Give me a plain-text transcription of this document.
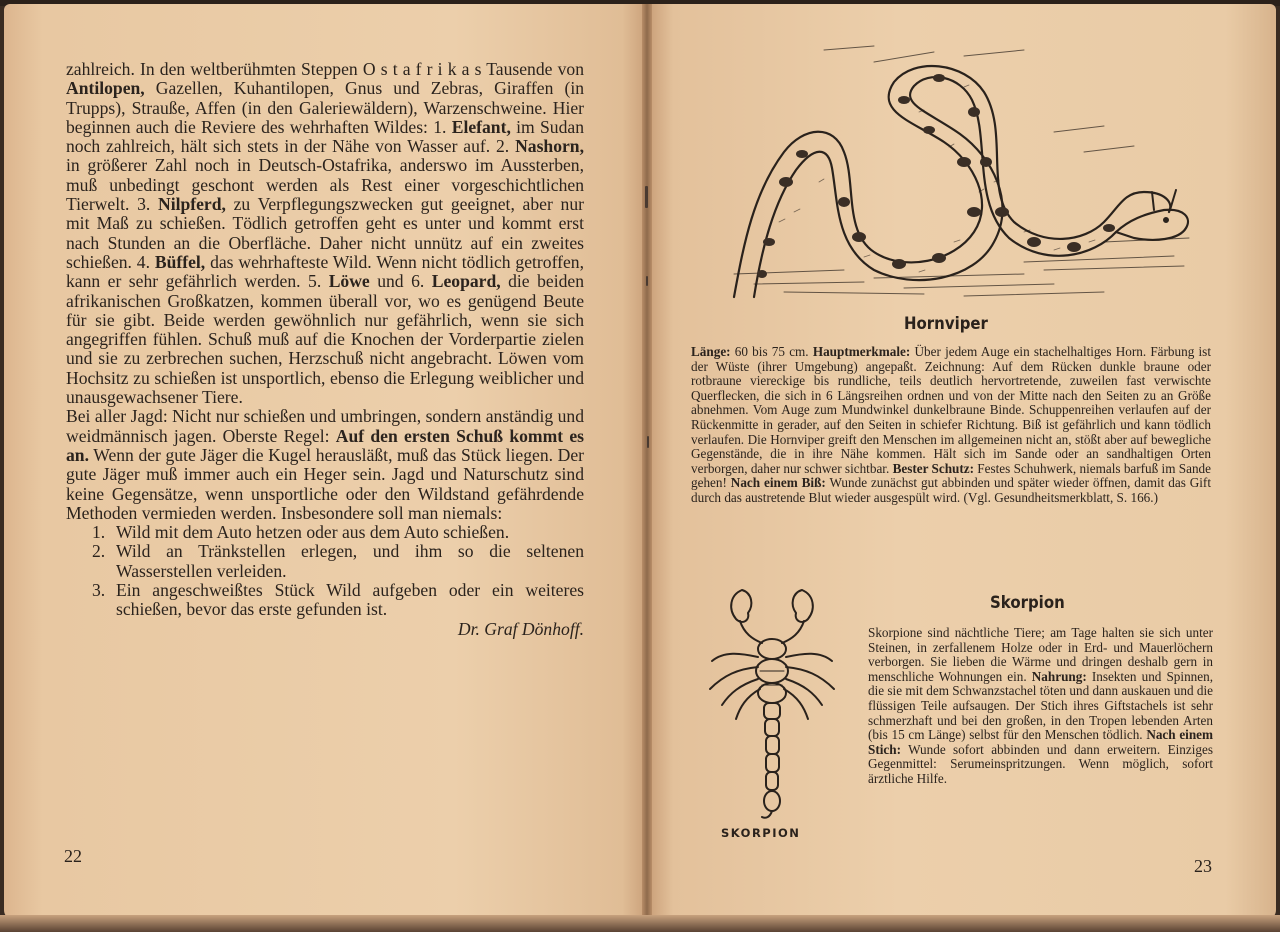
zahlreich. In den weltberühmten Steppen O s t a f r i k a s Tausende von Antilopen, Gazellen, Kuhantilopen, Gnus und Zebras, Giraffen (in Trupps), Strauße, Affen (in den Galeriewäldern), Warzenschweine. Hier beginnen auch die Reviere des wehrhaften Wildes: 1. Elefant, im Sudan noch zahlreich, hält sich stets in der Nähe von Wasser auf. 2. Nashorn, in größerer Zahl noch in Deutsch-Ostafrika, anderswo im Aussterben, muß unbedingt geschont werden als Rest einer vorgeschichtlichen Tierwelt. 3. Nilpferd, zu Verpflegungszwecken gut geeignet, aber nur mit Maß zu schießen. Tödlich getroffen geht es unter und kommt erst nach Stunden an die Oberfläche. Daher nicht unnütz auf ein zweites schießen. 4. Büffel, das wehrhafteste Wild. Wenn nicht tödlich getroffen, kann er sehr gefährlich werden. 5. Löwe und 6. Leopard, die beiden afrikanischen Großkatzen, kommen überall vor, wo es genügend Beute für sie gibt. Beide werden gewöhnlich nur gefährlich, wenn sie sich angegriffen fühlen. Schuß muß auf die Knochen der Vorderpartie zielen und sie zu zerbrechen suchen, Herzschuß nicht angebracht. Löwen vom Hochsitz zu schießen ist unsportlich, ebenso die Erlegung weiblicher und unausgewachsener Tiere.

Bei aller Jagd: Nicht nur schießen und umbringen, sondern anständig und weidmännisch jagen. Oberste Regel: Auf den ersten Schuß kommt es an. Wenn der gute Jäger die Kugel herausläßt, muß das Stück liegen. Der gute Jäger muß immer auch ein Heger sein. Jagd und Naturschutz sind keine Gegensätze, wenn unsportliche oder den Wildstand gefährdende Methoden vermieden werden. Insbesondere soll man niemals:

1. Wild mit dem Auto hetzen oder aus dem Auto schießen.
2. Wild an Tränkstellen erlegen, und ihm so die seltenen Wasserstellen verleiden.
3. Ein angeschweißtes Stück Wild aufgeben oder ein weiteres schießen, bevor das erste gefunden ist.
Dr. Graf Dönhoff.
22
Hornviper

Länge: 60 bis 75 cm. Hauptmerkmale: Über jedem Auge ein stachelhaltiges Horn. Färbung ist der Wüste (ihrer Umgebung) angepaßt. Zeichnung: Auf dem Rücken dunkle braune oder rotbraune viereckige bis rundliche, teils deutlich hervortretende, zuweilen fast verwischte Querflecken, die sich in 6 Längsreihen ordnen und von der Mitte nach den Seiten zu an Größe abnehmen. Vom Auge zum Mundwinkel dunkelbraune Binde. Schuppenreihen verlaufen auf der Rückenmitte in gerader, auf den Seiten in schiefer Richtung. Biß ist gefährlich und kann tödlich verlaufen. Die Hornviper greift den Menschen im allgemeinen nicht an, stößt aber auf bewegliche Gegenstände, die in ihre Nähe kommen. Hält sich im Sande oder an sandhaltigen Orten verborgen, daher nur schwer sichtbar. Bester Schutz: Festes Schuhwerk, niemals barfuß im Sande gehen! Nach einem Biß: Wunde zunächst gut abbinden und später wieder öffnen, damit das Gift durch das austretende Blut wieder ausgespült wird. (Vgl. Gesundheitsmerkblatt, S. 166.)

Skorpion
SKORPION

Skorpione sind nächtliche Tiere; am Tage halten sie sich unter Steinen, in zerfallenem Holze oder in Erd- und Mauerlöchern verborgen. Sie lieben die Wärme und dringen deshalb gern in menschliche Wohnungen ein. Nahrung: Insekten und Spinnen, die sie mit dem Schwanzstachel töten und dann auskauen und die flüssigen Teile aufsaugen. Der Stich ihres Giftstachels ist sehr schmerzhaft und bei den großen, in den Tropen lebenden Arten (bis 15 cm Länge) selbst für den Menschen tödlich. Nach einem Stich: Wunde sofort abbinden und dann erweitern. Einziges Gegenmittel: Serumeinspritzungen. Wenn möglich, sofort ärztliche Hilfe.

23
